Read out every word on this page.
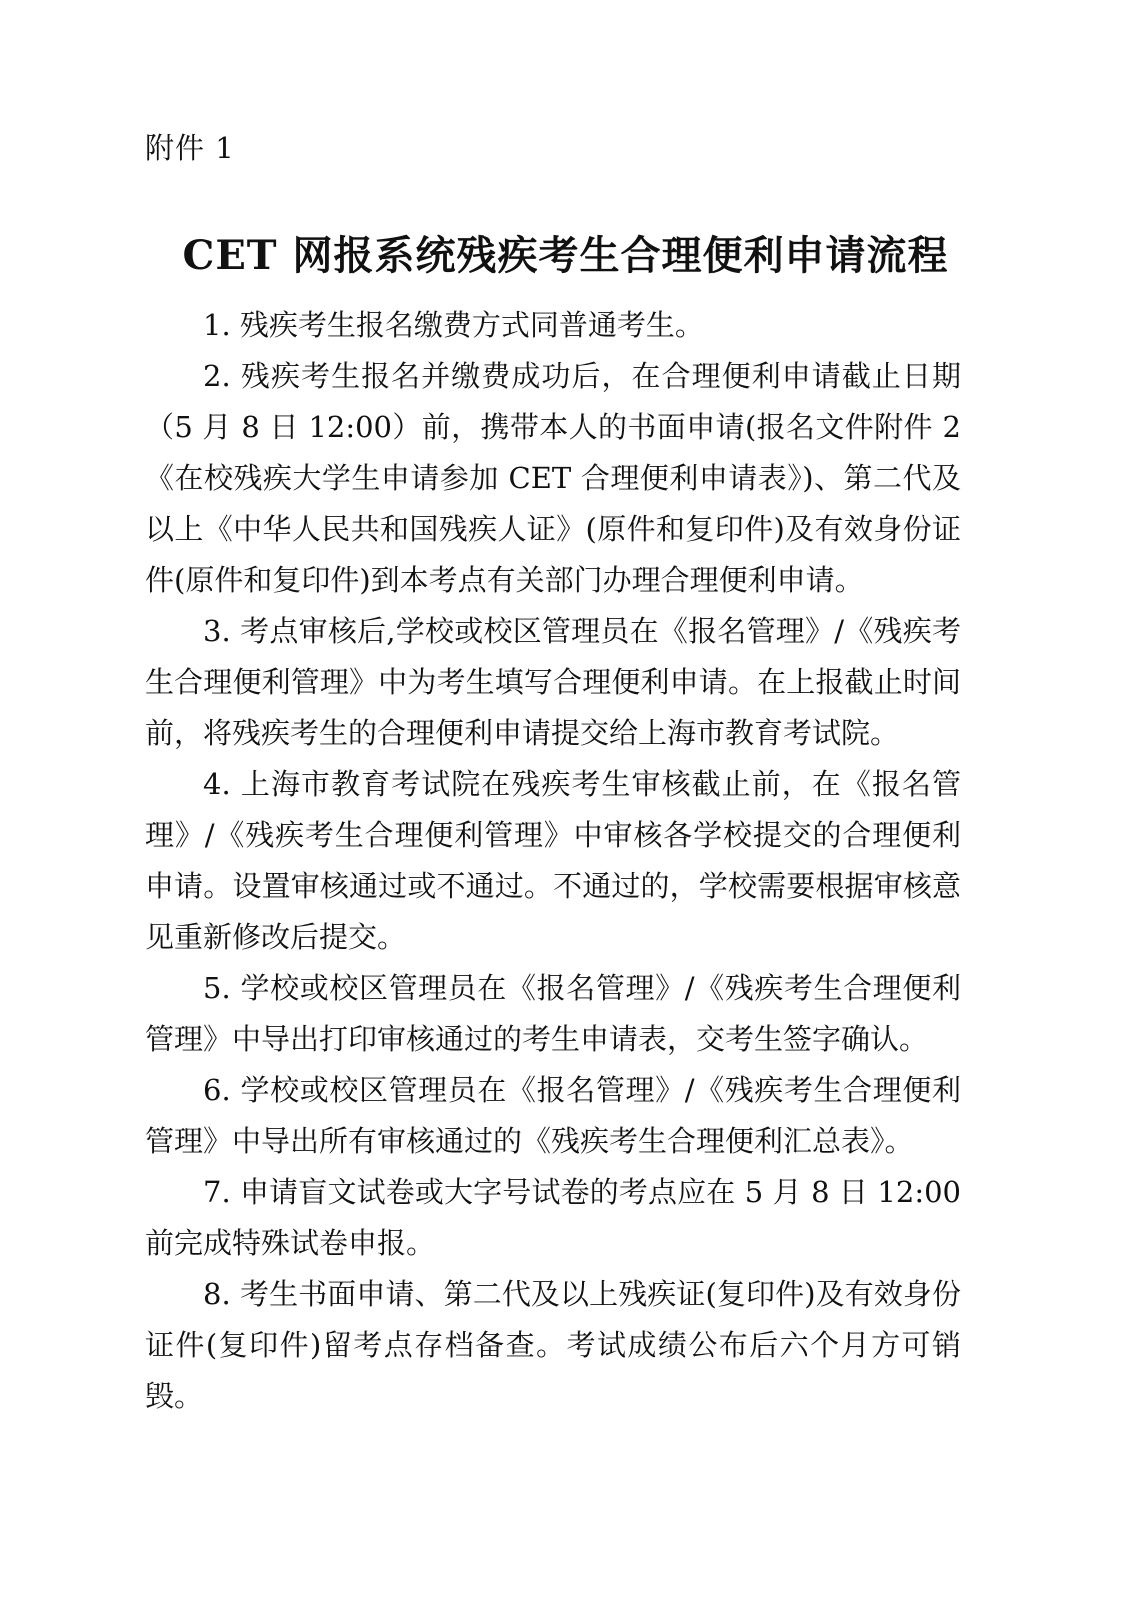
附件 1
CET 网报系统残疾考生合理便利申请流程

1. 残疾考生报名缴费方式同普通考生。

2. 残疾考生报名并缴费成功后，在合理便利申请截止日期（5 月 8 日 12:00）前，携带本人的书面申请(报名文件附件 2《在校残疾大学生申请参加 CET 合理便利申请表》)、第二代及以上《中华人民共和国残疾人证》(原件和复印件)及有效身份证件(原件和复印件)到本考点有关部门办理合理便利申请。

3. 考点审核后,学校或校区管理员在《报名管理》/《残疾考生合理便利管理》中为考生填写合理便利申请。在上报截止时间前，将残疾考生的合理便利申请提交给上海市教育考试院。

4. 上海市教育考试院在残疾考生审核截止前，在《报名管理》/《残疾考生合理便利管理》中审核各学校提交的合理便利申请。设置审核通过或不通过。不通过的，学校需要根据审核意见重新修改后提交。

5. 学校或校区管理员在《报名管理》/《残疾考生合理便利管理》中导出打印审核通过的考生申请表，交考生签字确认。

6. 学校或校区管理员在《报名管理》/《残疾考生合理便利管理》中导出所有审核通过的《残疾考生合理便利汇总表》。

7. 申请盲文试卷或大字号试卷的考点应在 5 月 8 日 12:00 前完成特殊试卷申报。

8. 考生书面申请、第二代及以上残疾证(复印件)及有效身份证件(复印件)留考点存档备查。考试成绩公布后六个月方可销毁。
